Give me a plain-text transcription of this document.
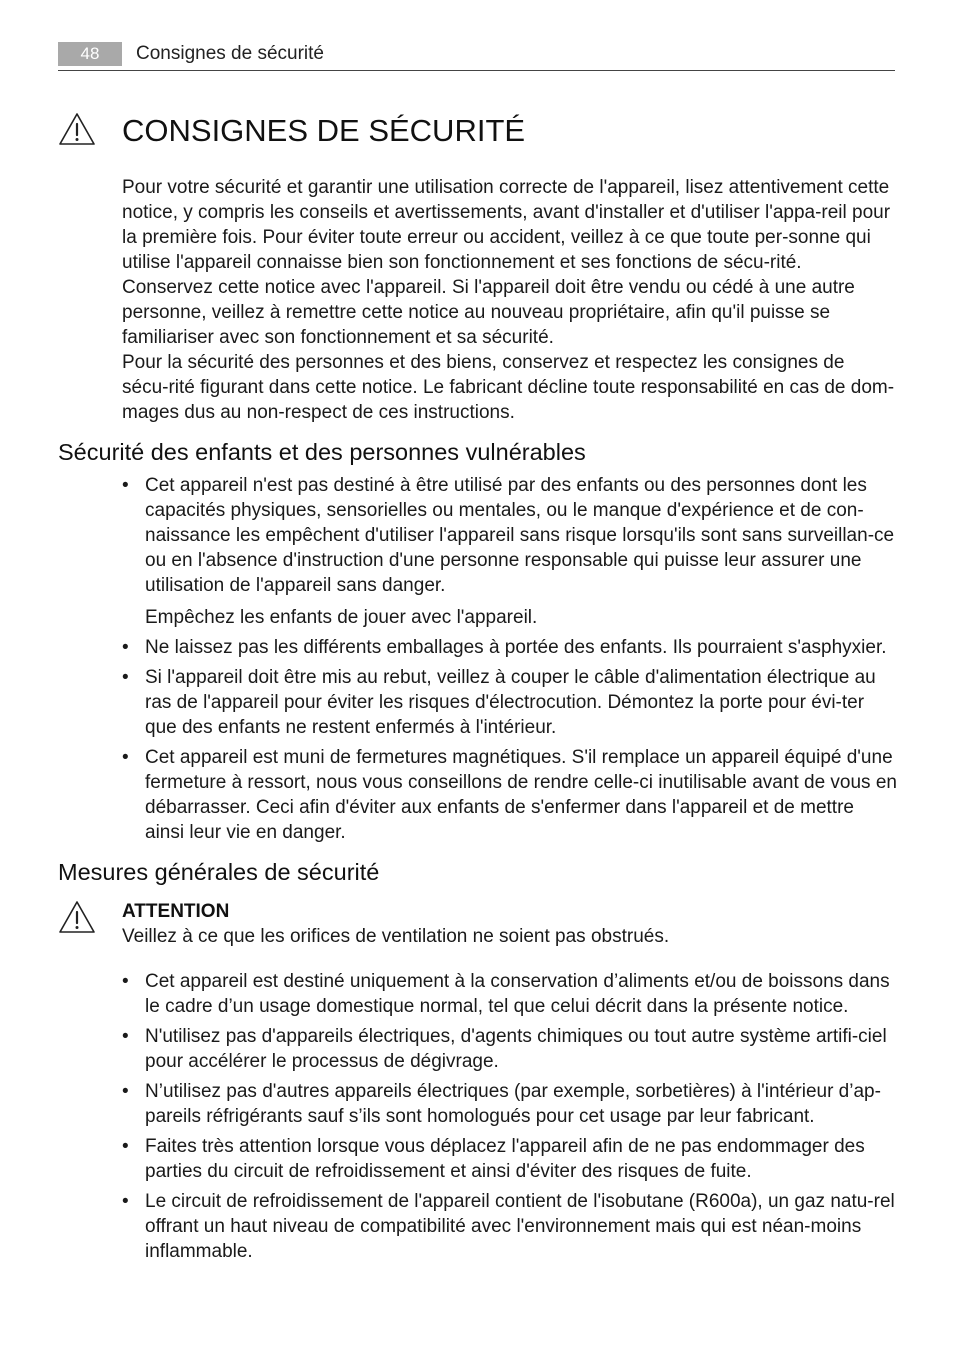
48	Consignes de sécurité
CONSIGNES DE SÉCURITÉ

Pour votre sécurité et garantir une utilisation correcte de l'appareil, lisez attentivement cette notice, y compris les conseils et avertissements, avant d'installer et d'utiliser l'appa-reil pour la première fois. Pour éviter toute erreur ou accident, veillez à ce que toute per-sonne qui utilise l'appareil connaisse bien son fonctionnement et ses fonctions de sécu-rité. Conservez cette notice avec l'appareil. Si l'appareil doit être vendu ou cédé à une autre personne, veillez à remettre cette notice au nouveau propriétaire, afin qu'il puisse se familiariser avec son fonctionnement et sa sécurité.

Pour la sécurité des personnes et des biens, conservez et respectez les consignes de sécu-rité figurant dans cette notice. Le fabricant décline toute responsabilité en cas de dom-mages dus au non-respect de ces instructions.

Sécurité des enfants et des personnes vulnérables

• Cet appareil n'est pas destiné à être utilisé par des enfants ou des personnes dont les capacités physiques, sensorielles ou mentales, ou le manque d'expérience et de con-naissance les empêchent d'utiliser l'appareil sans risque lorsqu'ils sont sans surveillan-ce ou en l'absence d'instruction d'une personne responsable qui puisse leur assurer une utilisation de l'appareil sans danger.

Empêchez les enfants de jouer avec l'appareil.

• Ne laissez pas les différents emballages à portée des enfants. Ils pourraient s'asphyxier.
• Si l'appareil doit être mis au rebut, veillez à couper le câble d'alimentation électrique au ras de l'appareil pour éviter les risques d'électrocution. Démontez la porte pour évi-ter que des enfants ne restent enfermés à l'intérieur.
• Cet appareil est muni de fermetures magnétiques. S'il remplace un appareil équipé d'une fermeture à ressort, nous vous conseillons de rendre celle-ci inutilisable avant de vous en débarrasser. Ceci afin d'éviter aux enfants de s'enfermer dans l'appareil et de mettre ainsi leur vie en danger.
Mesures générales de sécurité

ATTENTION

Veillez à ce que les orifices de ventilation ne soient pas obstrués.

• Cet appareil est destiné uniquement à la conservation d’aliments et/ou de boissons dans le cadre d’un usage domestique normal, tel que celui décrit dans la présente notice.
• N'utilisez pas d'appareils électriques, d'agents chimiques ou tout autre système artifi-ciel pour accélérer le processus de dégivrage.
• N’utilisez pas d'autres appareils électriques (par exemple, sorbetières) à l'intérieur d’ap-pareils réfrigérants sauf s’ils sont homologués pour cet usage par leur fabricant.
• Faites très attention lorsque vous déplacez l'appareil afin de ne pas endommager des parties du circuit de refroidissement et ainsi d'éviter des risques de fuite.
• Le circuit de refroidissement de l'appareil contient de l'isobutane (R600a), un gaz natu-rel offrant un haut niveau de compatibilité avec l'environnement mais qui est néan-moins inflammable.
